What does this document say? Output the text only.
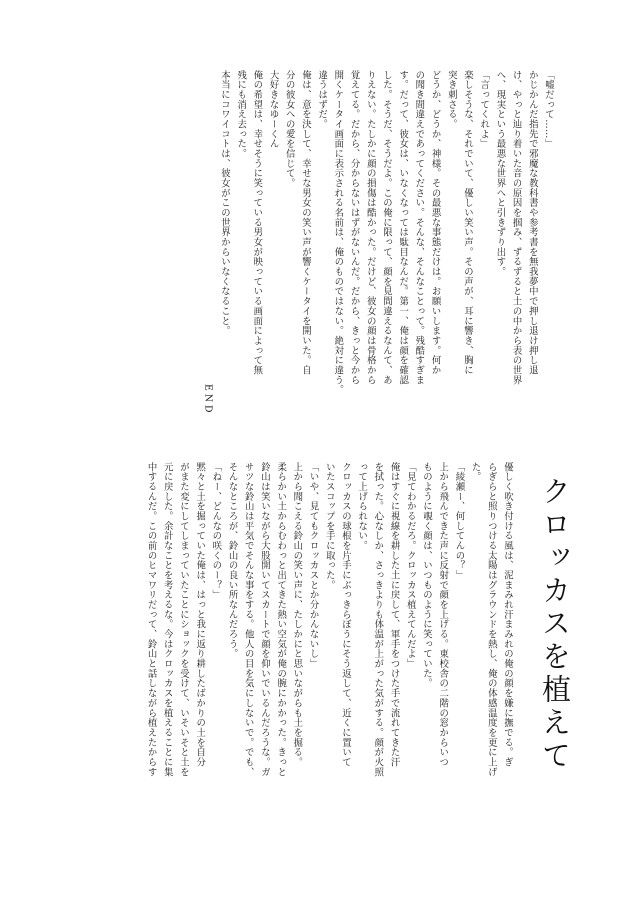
「嘘だって……」

かじかんだ指先で邪魔な教科書や参考書を無我夢中で押し退け押し退

け、やっと辿り着いた音の原因を掴み、ずるずると土の中から表の世界

へ、現実という最悪な世界へと引きずり出す。

「言ってくれよ」

楽しそうな、それでいて、優しい笑い声。その声が、耳に響き、胸に

突き刺さる。

どうか、どうか、神様。その最悪な事態だけは。お願いします。何か

の聞き間違えであってください。そんな、そんなことって。残酷すぎま

す。だって、彼女は、いなくなっては駄目なんだ。第一、俺は顔を確認

した。そうだ、そうだよ。この俺に限って、顔を見間違えるなんて、あ

りえない。たしかに顔の損傷は酷かった。だけど、彼女の顔は骨格から

覚えてる。だから、分からないはずがないんだ。だから、きっと今から

開くケータイ画面に表示される名前は、俺のものではない。絶対に違う。

違うはずだ。

俺は、意を決して、幸せな男女の笑い声が響くケータイを開いた。自

分の彼女への愛を信じて。

大好きなゆーくん

俺の希望は、幸せそうに笑っている男女が映っている画面によって無

残にも消え去った。

本当にコワイコトは、彼女がこの世界からいなくなること。

END

クロッカスを植えて

優しく吹き付ける風は、泥まみれ汗まみれの俺の顔を嫌に撫でる。ぎ

らぎらと照りつける太陽はグラウンドを熱し、俺の体感温度を更に上げ

た。

「綾瀬ー、何してんの？」

上から飛んできた声に反射で顔を上げる。東校舎の二階の窓からいつ

ものように覗く顔は、いつものように笑っていた。

「見てわかるだろ。クロッカス植えてんだよ」

俺はすぐに視線を耕した土に戻して、軍手をつけた手で流れてきた汗

を拭った。心なしか、さっきよりも体温が上がった気がする。顔が火照

って上げられない。

クロッカスの球根を片手にぶっきらぼうにそう返して、近くに置いて

いたスコップを手に取った。

「いや、見てもクロッカスとか分かんないし」

上から聞こえる鈴山の笑い声に、たしかにと思いながらも土を掘る。

柔らかい土からむわっと出てきた熱い空気が俺の腕にかかった。きっと

鈴山は笑いながら大股開いてスカートで顔を仰いでいるんだろうな。ガ

サツな鈴山は平気でそんな事をする。他人の目を気にしないで。でも、

そんなところが、鈴山の良い所なんだろう。

「ねー、どんなの咲くのー？」

黙々と土を掘っていた俺は、はっと我に返り耕したばかりの土を自分

がまた変にしてしまっていたことにショックを受けて、いそいそと土を

元に戻した。余計なことを考えるな。今はクロッカスを植えることに集

中するんだ。この前のヒマワリだって、鈴山と話しながら植えたからす
